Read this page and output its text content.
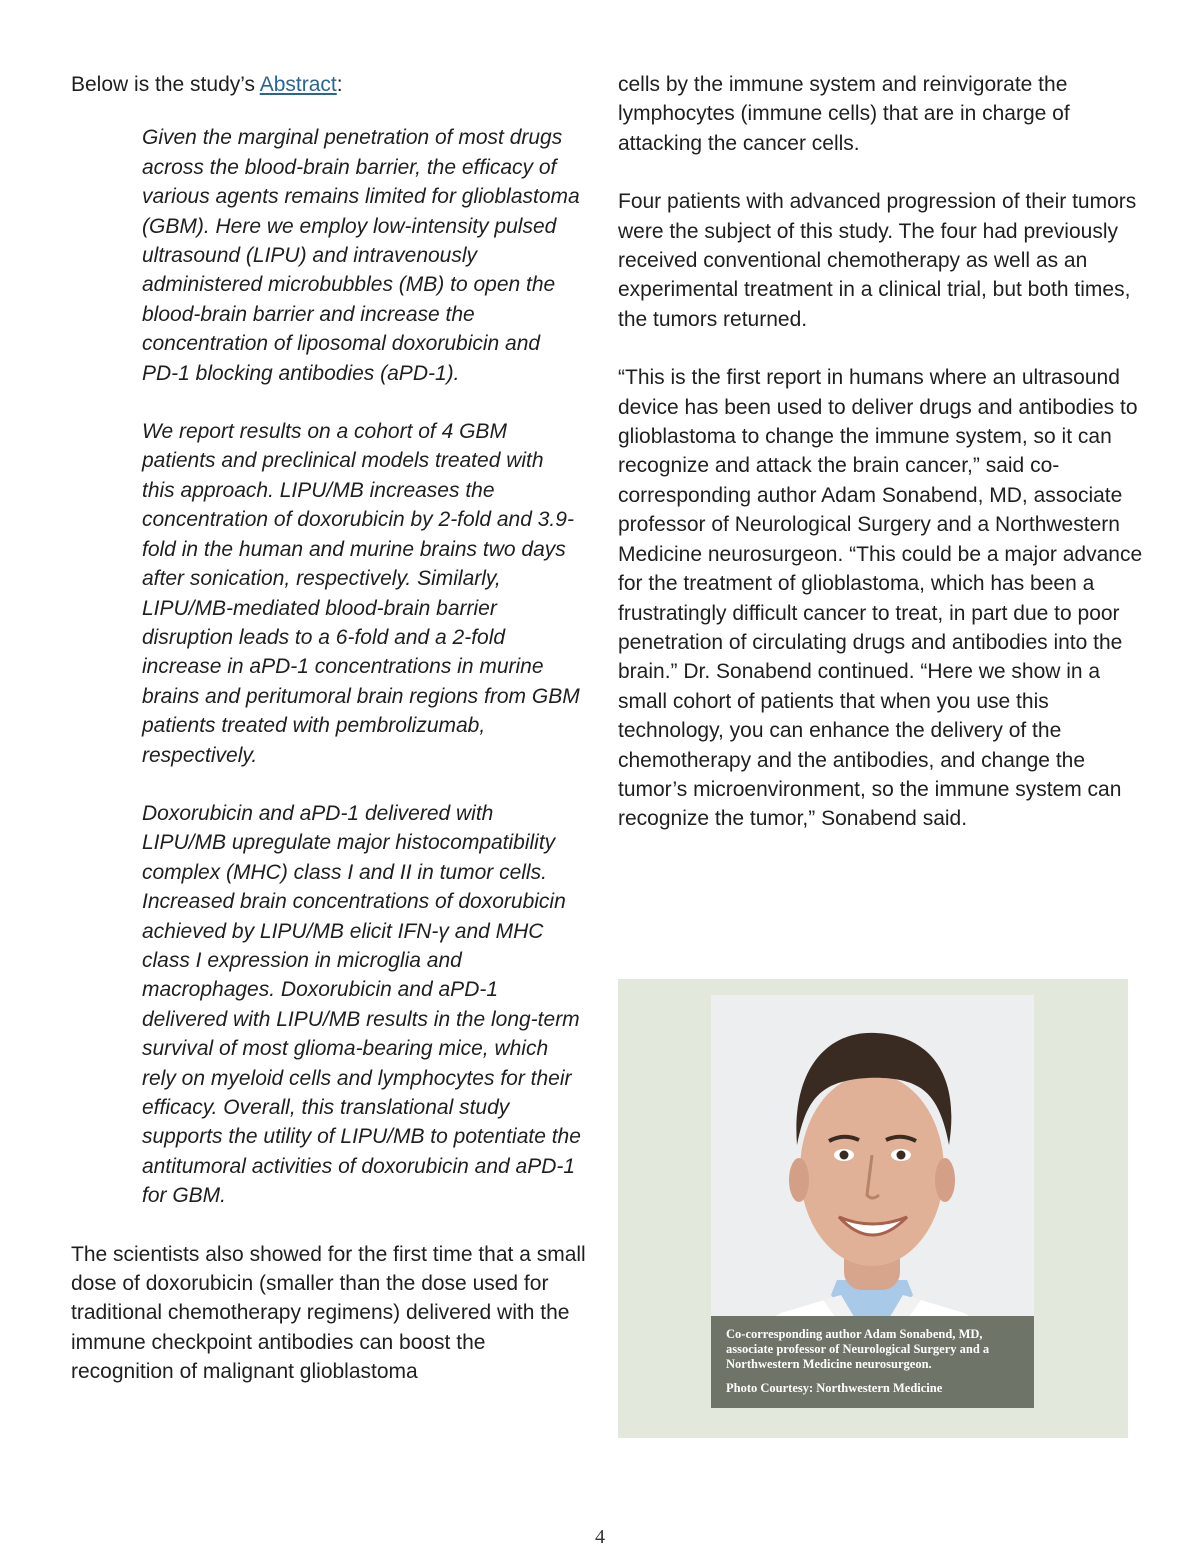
Below is the study’s Abstract:

Given the marginal penetration of most drugs across the blood-brain barrier, the efficacy of various agents remains limited for glioblastoma (GBM). Here we employ low-intensity pulsed ultrasound (LIPU) and intravenously administered microbubbles (MB) to open the blood-brain barrier and increase the concentration of liposomal doxorubicin and PD-1 blocking antibodies (aPD-1).

We report results on a cohort of 4 GBM patients and preclinical models treated with this approach. LIPU/MB increases the concentration of doxorubicin by 2-fold and 3.9-fold in the human and murine brains two days after sonication, respectively. Similarly, LIPU/MB-mediated blood-brain barrier disruption leads to a 6-fold and a 2-fold increase in aPD-1 concentrations in murine brains and peritumoral brain regions from GBM patients treated with pembrolizumab, respectively.

Doxorubicin and aPD-1 delivered with LIPU/MB upregulate major histocompatibility complex (MHC) class I and II in tumor cells. Increased brain concentrations of doxorubicin achieved by LIPU/MB elicit IFN-γ and MHC class I expression in microglia and macrophages. Doxorubicin and aPD-1 delivered with LIPU/MB results in the long-term survival of most glioma-bearing mice, which rely on myeloid cells and lymphocytes for their efficacy. Overall, this translational study supports the utility of LIPU/MB to potentiate the antitumoral activities of doxorubicin and aPD-1 for GBM.

The scientists also showed for the first time that a small dose of doxorubicin (smaller than the dose used for traditional chemotherapy regimens) delivered with the immune checkpoint antibodies can boost the recognition of malignant glioblastoma

cells by the immune system and reinvigorate the lymphocytes (immune cells) that are in charge of attacking the cancer cells.

Four patients with advanced progression of their tumors were the subject of this study. The four had previously received conventional chemotherapy as well as an experimental treatment in a clinical trial, but both times, the tumors returned.

“This is the first report in humans where an ultrasound device has been used to deliver drugs and antibodies to glioblastoma to change the immune system, so it can recognize and attack the brain cancer,” said co-corresponding author Adam Sonabend, MD, associate professor of Neurological Surgery and a Northwestern Medicine neurosurgeon. “This could be a major advance for the treatment of glioblastoma, which has been a frustratingly difficult cancer to treat, in part due to poor penetration of circulating drugs and antibodies into the brain.” Dr. Sonabend continued. “Here we show in a small cohort of patients that when you use this technology, you can enhance the delivery of the chemotherapy and the antibodies, and change the tumor’s microenvironment, so the immune system can recognize the tumor,” Sonabend said.

Co-corresponding author Adam Sonabend, MD, associate professor of Neurological Surgery and a Northwestern Medicine neurosurgeon.
Photo Courtesy: Northwestern Medicine
4
